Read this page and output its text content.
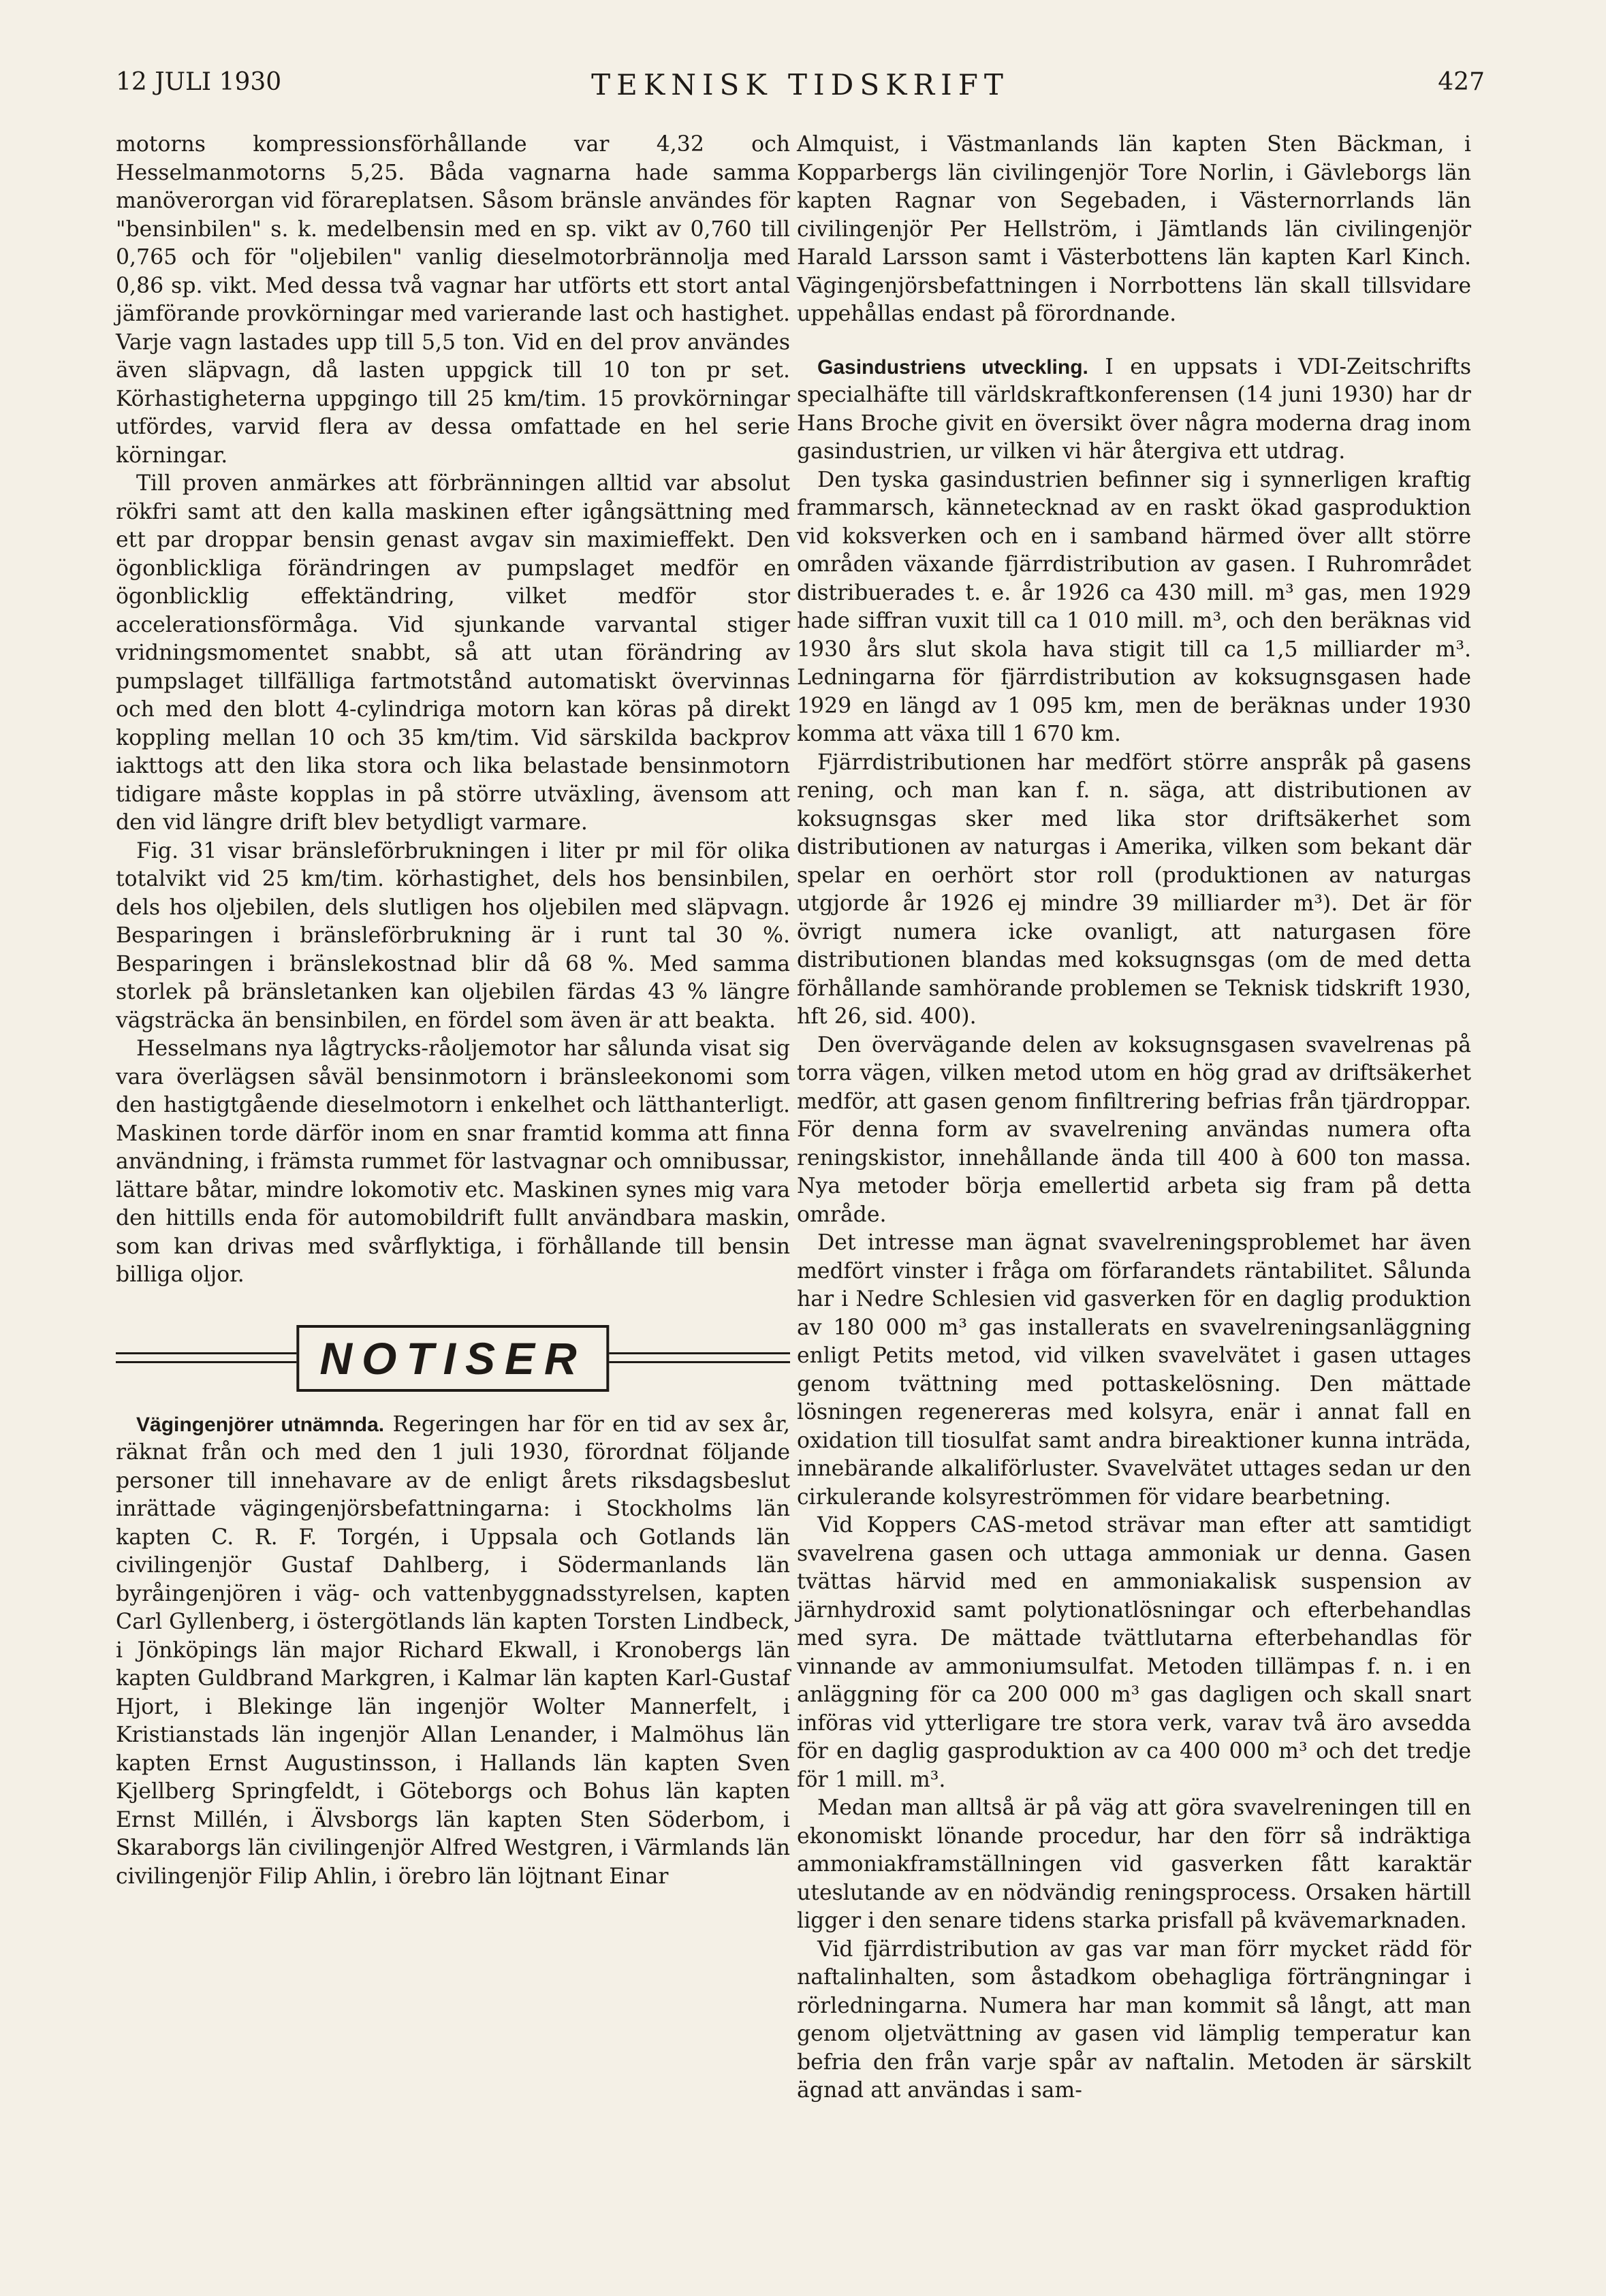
12 JULI 1930	TEKNISK TIDSKRIFT	427

motorns kompressionsförhållande var 4,32 och Hesselmanmotorns 5,25. Båda vagnarna hade samma manöverorgan vid förareplatsen. Såsom bränsle användes för "bensinbilen" s. k. medelbensin med en sp. vikt av 0,760 till 0,765 och för "oljebilen" vanlig dieselmotorbrännolja med 0,86 sp. vikt. Med dessa två vagnar har utförts ett stort antal jämförande provkörningar med varierande last och hastighet. Varje vagn lastades upp till 5,5 ton. Vid en del prov användes även släpvagn, då lasten uppgick till 10 ton pr set. Körhastigheterna uppgingo till 25 km/tim. 15 provkörningar utfördes, varvid flera av dessa omfattade en hel serie körningar.

Till proven anmärkes att förbränningen alltid var absolut rökfri samt att den kalla maskinen efter igångsättning med ett par droppar bensin genast avgav sin maximieffekt. Den ögonblickliga förändringen av pumpslaget medför en ögonblicklig effektändring, vilket medför stor accelerationsförmåga. Vid sjunkande varvantal stiger vridningsmomentet snabbt, så att utan förändring av pumpslaget tillfälliga fartmotstånd automatiskt övervinnas och med den blott 4-cylindriga motorn kan köras på direkt koppling mellan 10 och 35 km/tim. Vid särskilda backprov iakttogs att den lika stora och lika belastade bensinmotorn tidigare måste kopplas in på större utväxling, ävensom att den vid längre drift blev betydligt varmare.

Fig. 31 visar bränsleförbrukningen i liter pr mil för olika totalvikt vid 25 km/tim. körhastighet, dels hos bensinbilen, dels hos oljebilen, dels slutligen hos oljebilen med släpvagn. Besparingen i bränsleförbrukning är i runt tal 30 %. Besparingen i bränslekostnad blir då 68 %. Med samma storlek på bränsletanken kan oljebilen färdas 43 % längre vägsträcka än bensinbilen, en fördel som även är att beakta.

Hesselmans nya lågtrycks-råoljemotor har sålunda visat sig vara överlägsen såväl bensinmotorn i bränsleekonomi som den hastigtgående dieselmotorn i enkelhet och lätthanterligt. Maskinen torde därför inom en snar framtid komma att finna användning, i främsta rummet för lastvagnar och omnibussar, lättare båtar, mindre lokomotiv etc. Maskinen synes mig vara den hittills enda för automobildrift fullt användbara maskin, som kan drivas med svårflyktiga, i förhållande till bensin billiga oljor.

NOTISER

Vägingenjörer utnämnda. Regeringen har för en tid av sex år, räknat från och med den 1 juli 1930, förordnat följande personer till innehavare av de enligt årets riksdagsbeslut inrättade vägingenjörsbefattningarna: i Stockholms län kapten C. R. F. Torgén, i Uppsala och Gotlands län civilingenjör Gustaf Dahlberg, i Södermanlands län byråingenjören i väg- och vattenbyggnadsstyrelsen, kapten Carl Gyllenberg, i östergötlands län kapten Torsten Lindbeck, i Jönköpings län major Richard Ekwall, i Kronobergs län kapten Guldbrand Markgren, i Kalmar län kapten Karl-Gustaf Hjort, i Blekinge län ingenjör Wolter Mannerfelt, i Kristianstads län ingenjör Allan Lenander, i Malmöhus län kapten Ernst Augustinsson, i Hallands län kapten Sven Kjellberg Springfeldt, i Göteborgs och Bohus län kapten Ernst Millén, i Älvsborgs län kapten Sten Söderbom, i Skaraborgs län civilingenjör Alfred Westgren, i Värmlands län civilingenjör Filip Ahlin, i örebro län löjtnant Einar

Almquist, i Västmanlands län kapten Sten Bäckman, i Kopparbergs län civilingenjör Tore Norlin, i Gävleborgs län kapten Ragnar von Segebaden, i Västernorrlands län civilingenjör Per Hellström, i Jämtlands län civilingenjör Harald Larsson samt i Västerbottens län kapten Karl Kinch. Vägingenjörsbefattningen i Norrbottens län skall tillsvidare uppehållas endast på förordnande.

Gasindustriens utveckling. I en uppsats i VDI-Zeitschrifts specialhäfte till världskraftkonferensen (14 juni 1930) har dr Hans Broche givit en översikt över några moderna drag inom gasindustrien, ur vilken vi här återgiva ett utdrag.

Den tyska gasindustrien befinner sig i synnerligen kraftig frammarsch, kännetecknad av en raskt ökad gasproduktion vid koksverken och en i samband härmed över allt större områden växande fjärrdistribution av gasen. I Ruhrområdet distribuerades t. e. år 1926 ca 430 mill. m³ gas, men 1929 hade siffran vuxit till ca 1 010 mill. m³, och den beräknas vid 1930 års slut skola hava stigit till ca 1,5 milliarder m³. Ledningarna för fjärrdistribution av koksugnsgasen hade 1929 en längd av 1 095 km, men de beräknas under 1930 komma att växa till 1 670 km.

Fjärrdistributionen har medfört större anspråk på gasens rening, och man kan f. n. säga, att distributionen av koksugnsgas sker med lika stor driftsäkerhet som distributionen av naturgas i Amerika, vilken som bekant där spelar en oerhört stor roll (produktionen av naturgas utgjorde år 1926 ej mindre 39 milliarder m³). Det är för övrigt numera icke ovanligt, att naturgasen före distributionen blandas med koksugnsgas (om de med detta förhållande samhörande problemen se Teknisk tidskrift 1930, hft 26, sid. 400).

Den övervägande delen av koksugnsgasen svavelrenas på torra vägen, vilken metod utom en hög grad av driftsäkerhet medför, att gasen genom finfiltrering befrias från tjärdroppar. För denna form av svavelrening användas numera ofta reningskistor, innehållande ända till 400 à 600 ton massa. Nya metoder börja emellertid arbeta sig fram på detta område.

Det intresse man ägnat svavelreningsproblemet har även medfört vinster i fråga om förfarandets räntabilitet. Sålunda har i Nedre Schlesien vid gasverken för en daglig produktion av 180 000 m³ gas installerats en svavelreningsanläggning enligt Petits metod, vid vilken svavelvätet i gasen uttages genom tvättning med pottaskelösning. Den mättade lösningen regenereras med kolsyra, enär i annat fall en oxidation till tiosulfat samt andra bireaktioner kunna inträda, innebärande alkaliförluster. Svavelvätet uttages sedan ur den cirkulerande kolsyreströmmen för vidare bearbetning.

Vid Koppers CAS-metod strävar man efter att samtidigt svavelrena gasen och uttaga ammoniak ur denna. Gasen tvättas härvid med en ammoniakalisk suspension av järnhydroxid samt polytionatlösningar och efterbehandlas med syra. De mättade tvättlutarna efterbehandlas för vinnande av ammoniumsulfat. Metoden tillämpas f. n. i en anläggning för ca 200 000 m³ gas dagligen och skall snart införas vid ytterligare tre stora verk, varav två äro avsedda för en daglig gasproduktion av ca 400 000 m³ och det tredje för 1 mill. m³.

Medan man alltså är på väg att göra svavelreningen till en ekonomiskt lönande procedur, har den förr så indräktiga ammoniakframställningen vid gasverken fått karaktär uteslutande av en nödvändig reningsprocess. Orsaken härtill ligger i den senare tidens starka prisfall på kvävemarknaden.

Vid fjärrdistribution av gas var man förr mycket rädd för naftalinhalten, som åstadkom obehagliga förträngningar i rörledningarna. Numera har man kommit så långt, att man genom oljetvättning av gasen vid lämplig temperatur kan befria den från varje spår av naftalin. Metoden är särskilt ägnad att användas i sam-
